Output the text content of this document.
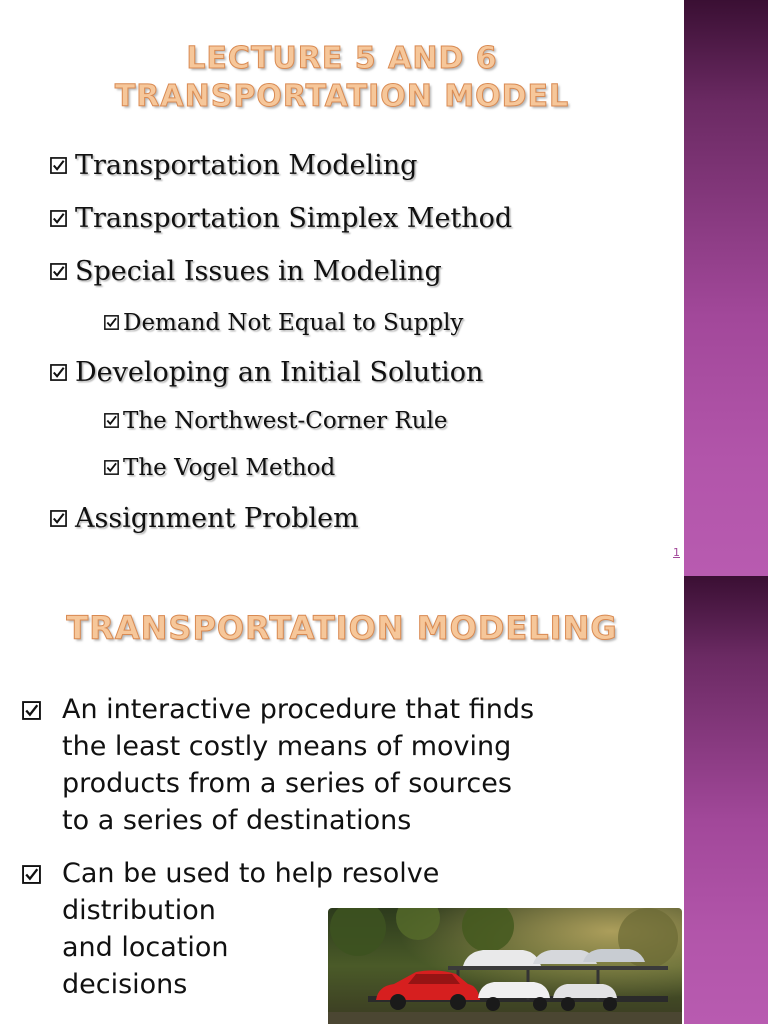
LECTURE 5 AND 6
TRANSPORTATION MODEL
Transportation Modeling
Transportation Simplex Method
Special Issues in Modeling
Demand Not Equal to Supply
Developing an Initial Solution
The Northwest-Corner Rule
The Vogel Method
Assignment Problem
1
TRANSPORTATION MODELING
An interactive procedure that finds
the least costly means of moving
products from a series of sources
to a series of destinations
Can be used to help resolve
distribution
and location
decisions
